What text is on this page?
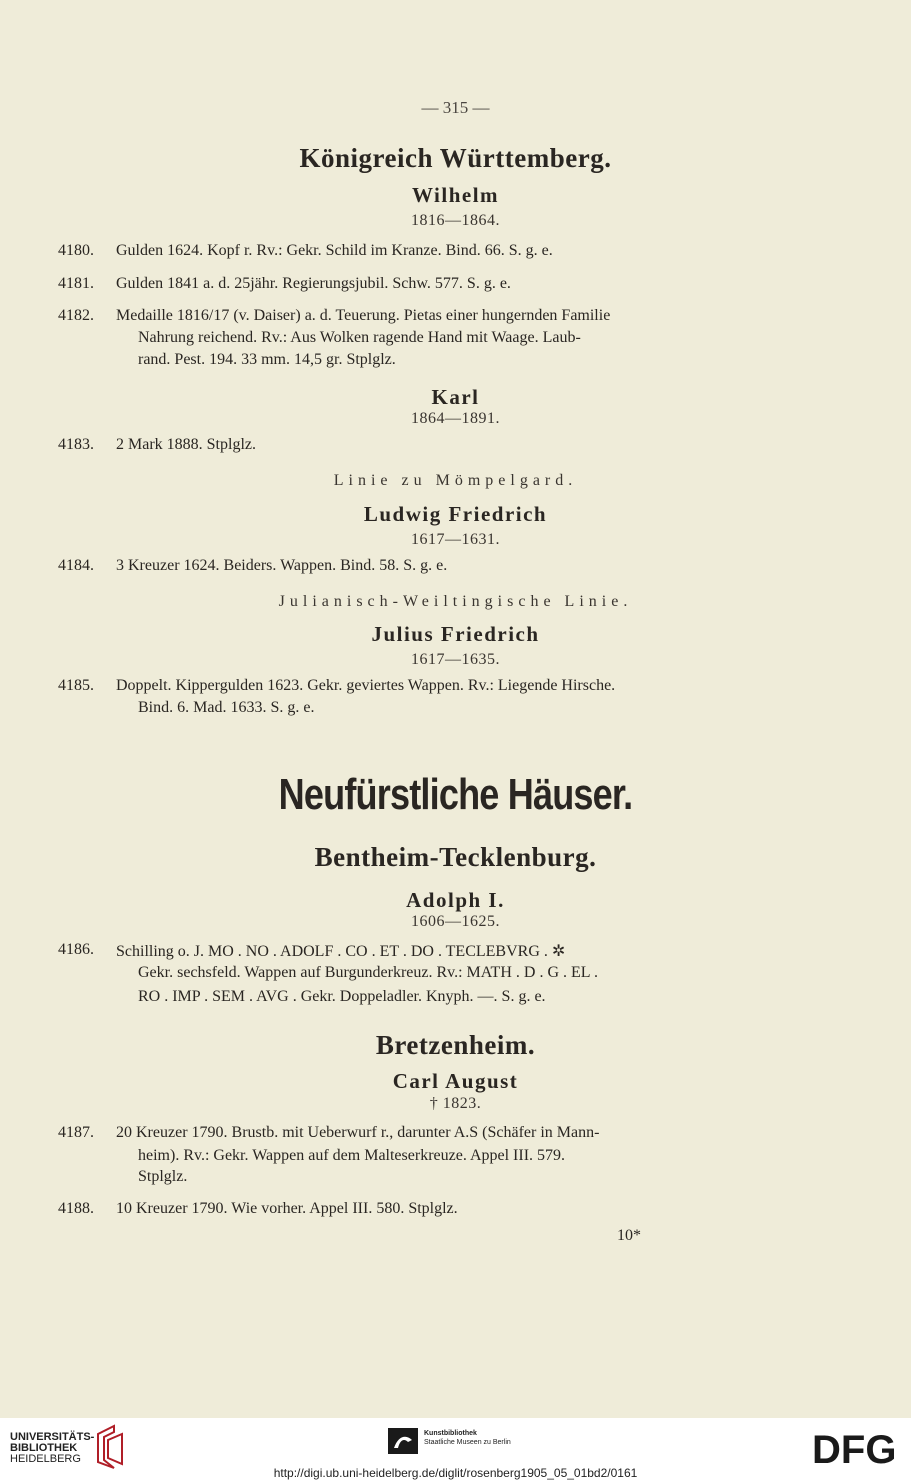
— 315 —
Königreich Württemberg.
Wilhelm
1816—1864.
4180. Gulden 1624. Kopf r. Rv.: Gekr. Schild im Kranze. Bind. 66. S. g. e.
4181. Gulden 1841 a. d. 25jähr. Regierungsjubil. Schw. 577. S. g. e.
4182. Medaille 1816/17 (v. Daiser) a. d. Teuerung. Pietas einer hungernden Familie
Nahrung reichend. Rv.: Aus Wolken ragende Hand mit Waage. Laub-
rand. Pest. 194. 33 mm. 14,5 gr. Stplglz.
Karl
1864—1891.
4183. 2 Mark 1888. Stplglz.
Linie zu Mömpelgard.
Ludwig Friedrich
1617—1631.
4184. 3 Kreuzer 1624. Beiders. Wappen. Bind. 58. S. g. e.
Julianisch-Weiltingische Linie.
Julius Friedrich
1617—1635.
4185. Doppelt. Kippergulden 1623. Gekr. geviertes Wappen. Rv.: Liegende Hirsche.
Bind. 6. Mad. 1633. S. g. e.
Neufürstliche Häuser.
Bentheim-Tecklenburg.
Adolph I.
1606—1625.
4186. Schilling o. J. MO . NO . ADOLF . CO . ET . DO . TECLEBVRG . ✲
Gekr. sechsfeld. Wappen auf Burgunderkreuz. Rv.: MATH . D . G . EL .
RO . IMP . SEM . AVG . Gekr. Doppeladler. Knyph. —. S. g. e.
Bretzenheim.
Carl August
† 1823.
4187. 20 Kreuzer 1790. Brustb. mit Ueberwurf r., darunter A.S (Schäfer in Mann-
heim). Rv.: Gekr. Wappen auf dem Malteserkreuze. Appel III. 579.
Stplglz.
4188. 10 Kreuzer 1790. Wie vorher. Appel III. 580. Stplglz.
10*
UNIVERSITÄTS-
BIBLIOTHEK
HEIDELBERG
Kunstbibliothek
Staatliche Museen zu Berlin	DFG
http://digi.ub.uni-heidelberg.de/diglit/rosenberg1905_05_01bd2/0161
